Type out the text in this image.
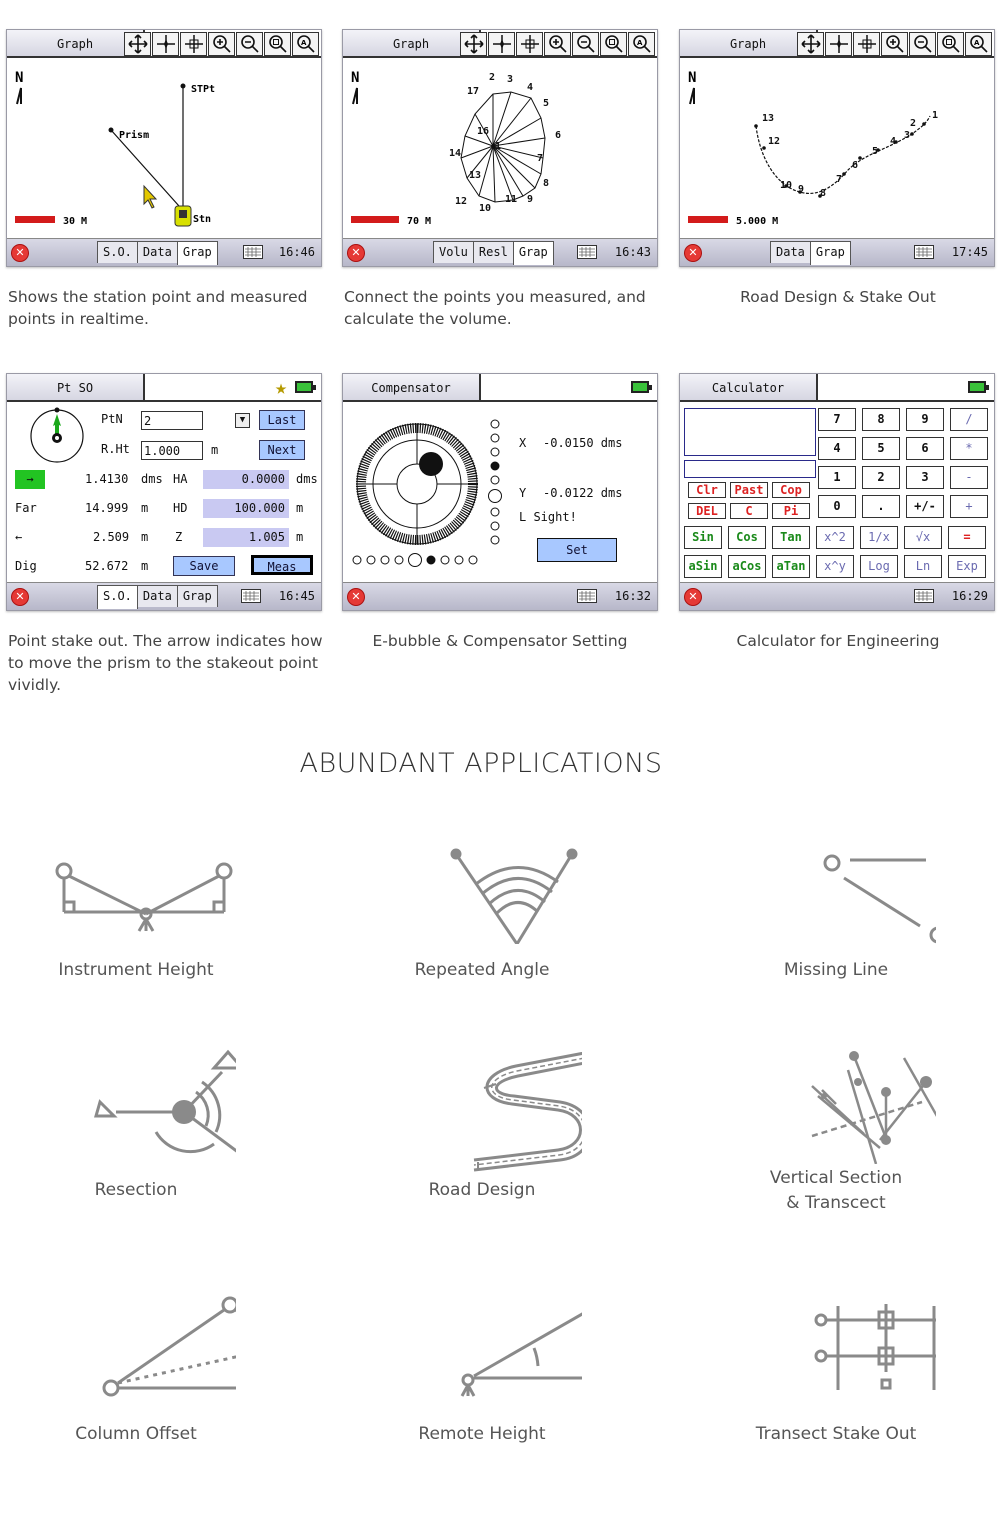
Graph	A
N
STPt
Prism
Stn
30 M
✕	S.O. Data Grap	16:46
Graph	A
N
1
2 3
4
5
6
7
8
9
10
11
12
13
14
16
17
70 M
✕	Volu Resl Grap	16:43
Graph	A
N
1
2
3
4
5
6
7
8
9
10
12
13
5.000 M
✕	Data Grap	17:45
Shows the station point and measured points in realtime.
Connect the points you measured, and calculate the volume.
Road Design & Stake Out
Pt SO	★
PtN 2	▼	Last
R.Ht 1.000	m	Next
→	1.4130 dms HA	0.0000 dms
Far	14.999 m HD	100.000 m
←	2.509 m Z	1.005 m
Dig	52.672 m	Save	Meas
✕	S.O. Data Grap	16:45
Compensator
X -0.0150 dms
Y -0.0122 dms
L Sight!
Set
✕	16:32
Calculator
7	8	9	/
4	5	6	*
1	2	3	-
0	.	+/-	+
Clr	Past	Cop
DEL	C	Pi
Sin	Cos	Tan	x^2	1/x	√x	=
aSin	aCos	aTan	x^y	Log	Ln	Exp
✕	16:29
Point stake out. The arrow indicates how to move the prism to the stakeout point vividly.
E-bubble & Compensator Setting	Calculator for Engineering
ABUNDANT APPLICATIONS
Instrument Height	Repeated Angle	Missing Line
Resection	Road Design
Vertical Section
& Transcect
Column Offset	Remote Height	Transect Stake Out
